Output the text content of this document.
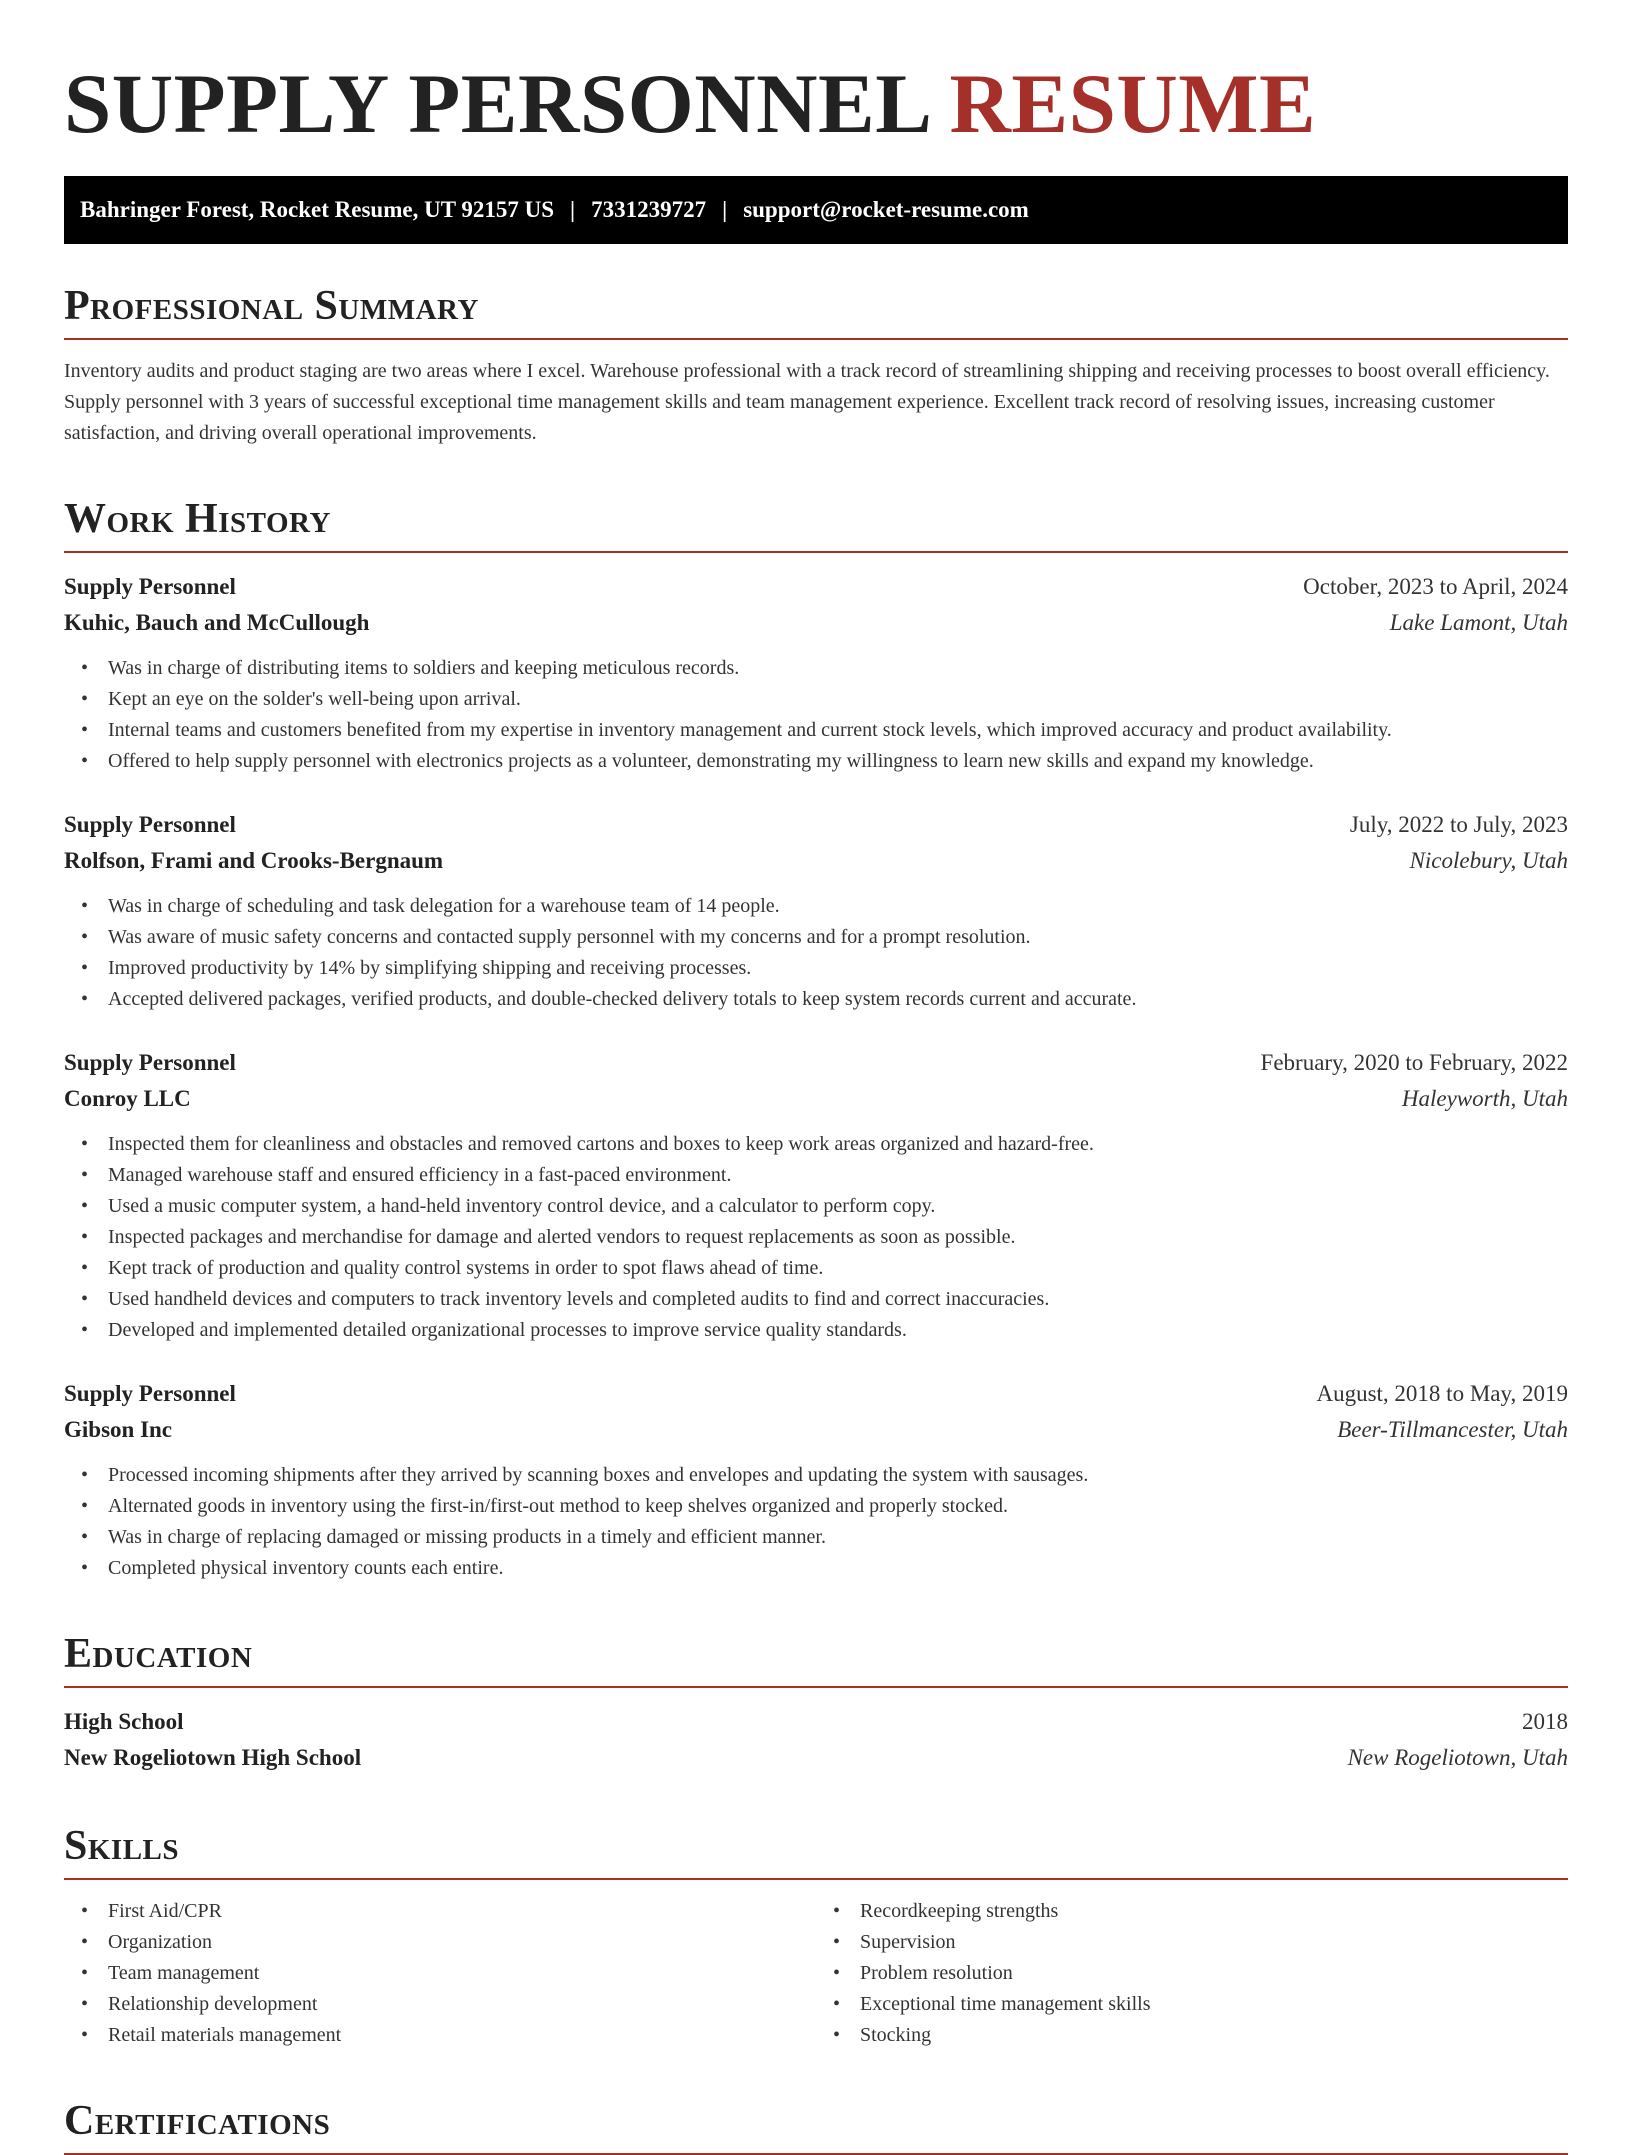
SUPPLY PERSONNEL RESUME
Bahringer Forest, Rocket Resume, UT 92157 US | 7331239727 | support@rocket-resume.com
Professional Summary

Inventory audits and product staging are two areas where I excel. Warehouse professional with a track record of streamlining shipping and receiving processes to boost overall efficiency. Supply personnel with 3 years of successful exceptional time management skills and team management experience. Excellent track record of resolving issues, increasing customer satisfaction, and driving overall operational improvements.

Work History
Supply Personnel	October, 2023 to April, 2024
Kuhic, Bauch and McCullough	Lake Lamont, Utah
• Was in charge of distributing items to soldiers and keeping meticulous records.
• Kept an eye on the solder's well-being upon arrival.
• Internal teams and customers benefited from my expertise in inventory management and current stock levels, which improved accuracy and product availability.
• Offered to help supply personnel with electronics projects as a volunteer, demonstrating my willingness to learn new skills and expand my knowledge.
Supply Personnel	July, 2022 to July, 2023
Rolfson, Frami and Crooks-Bergnaum	Nicolebury, Utah
• Was in charge of scheduling and task delegation for a warehouse team of 14 people.
• Was aware of music safety concerns and contacted supply personnel with my concerns and for a prompt resolution.
• Improved productivity by 14% by simplifying shipping and receiving processes.
• Accepted delivered packages, verified products, and double-checked delivery totals to keep system records current and accurate.
Supply Personnel	February, 2020 to February, 2022
Conroy LLC	Haleyworth, Utah
• Inspected them for cleanliness and obstacles and removed cartons and boxes to keep work areas organized and hazard-free.
• Managed warehouse staff and ensured efficiency in a fast-paced environment.
• Used a music computer system, a hand-held inventory control device, and a calculator to perform copy.
• Inspected packages and merchandise for damage and alerted vendors to request replacements as soon as possible.
• Kept track of production and quality control systems in order to spot flaws ahead of time.
• Used handheld devices and computers to track inventory levels and completed audits to find and correct inaccuracies.
• Developed and implemented detailed organizational processes to improve service quality standards.
Supply Personnel	August, 2018 to May, 2019
Gibson Inc	Beer-Tillmancester, Utah
• Processed incoming shipments after they arrived by scanning boxes and envelopes and updating the system with sausages.
• Alternated goods in inventory using the first-in/first-out method to keep shelves organized and properly stocked.
• Was in charge of replacing damaged or missing products in a timely and efficient manner.
• Completed physical inventory counts each entire.
Education
High School	2018
New Rogeliotown High School	New Rogeliotown, Utah
Skills
• First Aid/CPR
• Organization
• Team management
• Relationship development
• Retail materials management
• Recordkeeping strengths
• Supervision
• Problem resolution
• Exceptional time management skills
• Stocking
Certifications
